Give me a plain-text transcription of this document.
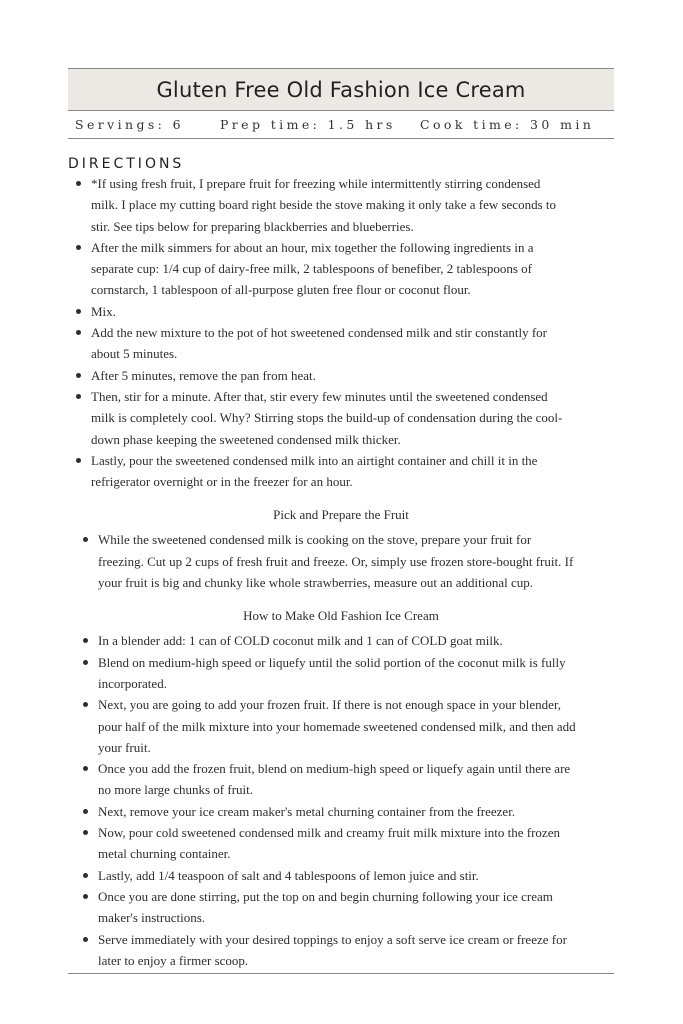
Gluten Free Old Fashion Ice Cream
Servings: 6	Prep time: 1.5 hrs	Cook time: 30 min
DIRECTIONS
*If using fresh fruit, I prepare fruit for freezing while intermittently stirring condensed milk. I place my cutting board right beside the stove making it only take a few seconds to stir. See tips below for preparing blackberries and blueberries.
After the milk simmers for about an hour, mix together the following ingredients in a separate cup: 1/4 cup of dairy-free milk, 2 tablespoons of benefiber, 2 tablespoons of cornstarch, 1 tablespoon of all-purpose gluten free flour or coconut flour.
Mix.
Add the new mixture to the pot of hot sweetened condensed milk and stir constantly for about 5 minutes.
After 5 minutes, remove the pan from heat.
Then, stir for a minute. After that, stir every few minutes until the sweetened condensed milk is completely cool. Why? Stirring stops the build-up of condensation during the cool-down phase keeping the sweetened condensed milk thicker.
Lastly, pour the sweetened condensed milk into an airtight container and chill it in the refrigerator overnight or in the freezer for an hour.
Pick and Prepare the Fruit
While the sweetened condensed milk is cooking on the stove, prepare your fruit for freezing. Cut up 2 cups of fresh fruit and freeze. Or, simply use frozen store-bought fruit. If your fruit is big and chunky like whole strawberries, measure out an additional cup.
How to Make Old Fashion Ice Cream
In a blender add: 1 can of COLD coconut milk and 1 can of COLD goat milk.
Blend on medium-high speed or liquefy until the solid portion of the coconut milk is fully incorporated.
Next, you are going to add your frozen fruit. If there is not enough space in your blender, pour half of the milk mixture into your homemade sweetened condensed milk, and then add your fruit.
Once you add the frozen fruit, blend on medium-high speed or liquefy again until there are no more large chunks of fruit.
Next, remove your ice cream maker's metal churning container from the freezer.
Now, pour cold sweetened condensed milk and creamy fruit milk mixture into the frozen metal churning container.
Lastly, add 1/4 teaspoon of salt and 4 tablespoons of lemon juice and stir.
Once you are done stirring, put the top on and begin churning following your ice cream maker's instructions.
Serve immediately with your desired toppings to enjoy a soft serve ice cream or freeze for later to enjoy a firmer scoop.
